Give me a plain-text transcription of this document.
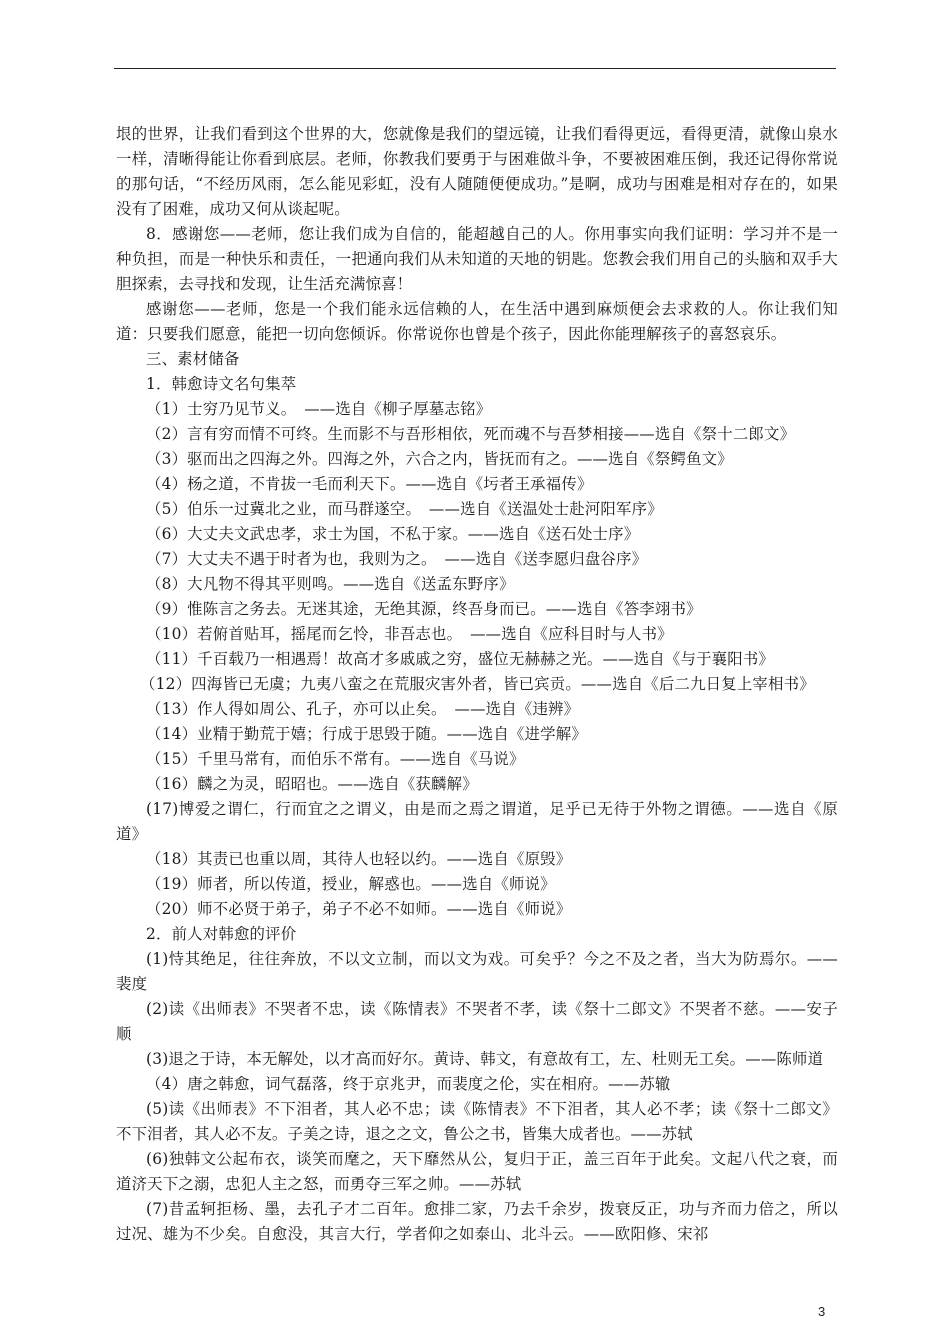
垠的世界，让我们看到这个世界的大，您就像是我们的望远镜，让我们看得更远，看得更清，就像山泉水一样，清晰得能让你看到底层。老师，你教我们要勇于与困难做斗争，不要被困难压倒，我还记得你常说的那句话，“不经历风雨，怎么能见彩虹，没有人随随便便成功。”是啊，成功与困难是相对存在的，如果没有了困难，成功又何从谈起呢。

8．感谢您——老师，您让我们成为自信的，能超越自己的人。你用事实向我们证明：学习并不是一种负担，而是一种快乐和责任，一把通向我们从未知道的天地的钥匙。您教会我们用自己的头脑和双手大胆探索，去寻找和发现，让生活充满惊喜！

感谢您——老师，您是一个我们能永远信赖的人，在生活中遇到麻烦便会去求救的人。你让我们知道：只要我们愿意，能把一切向您倾诉。你常说你也曾是个孩子，因此你能理解孩子的喜怒哀乐。

三、素材储备

1．韩愈诗文名句集萃

（1）士穷乃见节义。　——选自《柳子厚墓志铭》

（2）言有穷而情不可终。生而影不与吾形相依，死而魂不与吾梦相接——选自《祭十二郎文》

（3）驱而出之四海之外。四海之外，六合之内，皆抚而有之。——选自《祭鳄鱼文》

（4）杨之道，不肯拔一毛而利天下。——选自《圬者王承福传》

（5）伯乐一过冀北之业，而马群遂空。　——选自《送温处士赴河阳军序》

（6）大丈夫文武忠孝，求士为国，不私于家。——选自《送石处士序》

（7）大丈夫不遇于时者为也，我则为之。　——选自《送李愿归盘谷序》

（8）大凡物不得其平则鸣。——选自《送孟东野序》

（9）惟陈言之务去。无迷其途，无绝其源，终吾身而已。——选自《答李翊书》

（10）若俯首贴耳，摇尾而乞怜，非吾志也。　——选自《应科目时与人书》

（11）千百载乃一相遇焉！故高才多戚戚之穷，盛位无赫赫之光。——选自《与于襄阳书》

（12）四海皆已无虞；九夷八蛮之在荒服灾害外者，皆已宾贡。——选自《后二九日复上宰相书》

（13）作人得如周公、孔子，亦可以止矣。　——选自《违辨》

（14）业精于勤荒于嬉；行成于思毁于随。——选自《进学解》

（15）千里马常有，而伯乐不常有。——选自《马说》

（16）麟之为灵，昭昭也。——选自《获麟解》

(17)博爱之谓仁，行而宜之之谓义，由是而之焉之谓道，足乎已无待于外物之谓德。——选自《原道》

（18）其责已也重以周，其待人也轻以约。——选自《原毁》

（19）师者，所以传道，授业，解惑也。——选自《师说》

（20）师不必贤于弟子，弟子不必不如师。——选自《师说》

2．前人对韩愈的评价

(1)恃其绝足，往往奔放，不以文立制，而以文为戏。可矣乎？今之不及之者，当大为防焉尔。——裴度

(2)读《出师表》不哭者不忠，读《陈情表》不哭者不孝，读《祭十二郎文》不哭者不慈。——安子顺

(3)退之于诗，本无解处，以才高而好尔。黄诗、韩文，有意故有工，左、杜则无工矣。——陈师道

（4）唐之韩愈，词气磊落，终于京兆尹，而裴度之伦，实在相府。——苏辙

(5)读《出师表》不下泪者，其人必不忠；读《陈情表》不下泪者，其人必不孝；读《祭十二郎文》不下泪者，其人必不友。子美之诗，退之之文，鲁公之书，皆集大成者也。——苏轼

(6)独韩文公起布衣，谈笑而麾之，天下靡然从公，复归于正，盖三百年于此矣。文起八代之衰，而道济天下之溺，忠犯人主之怒，而勇夺三军之帅。——苏轼

(7)昔孟轲拒杨、墨，去孔子才二百年。愈排二家，乃去千余岁，拨衰反正，功与齐而力倍之，所以过况、雄为不少矣。自愈没，其言大行，学者仰之如泰山、北斗云。——欧阳修、宋祁

3
